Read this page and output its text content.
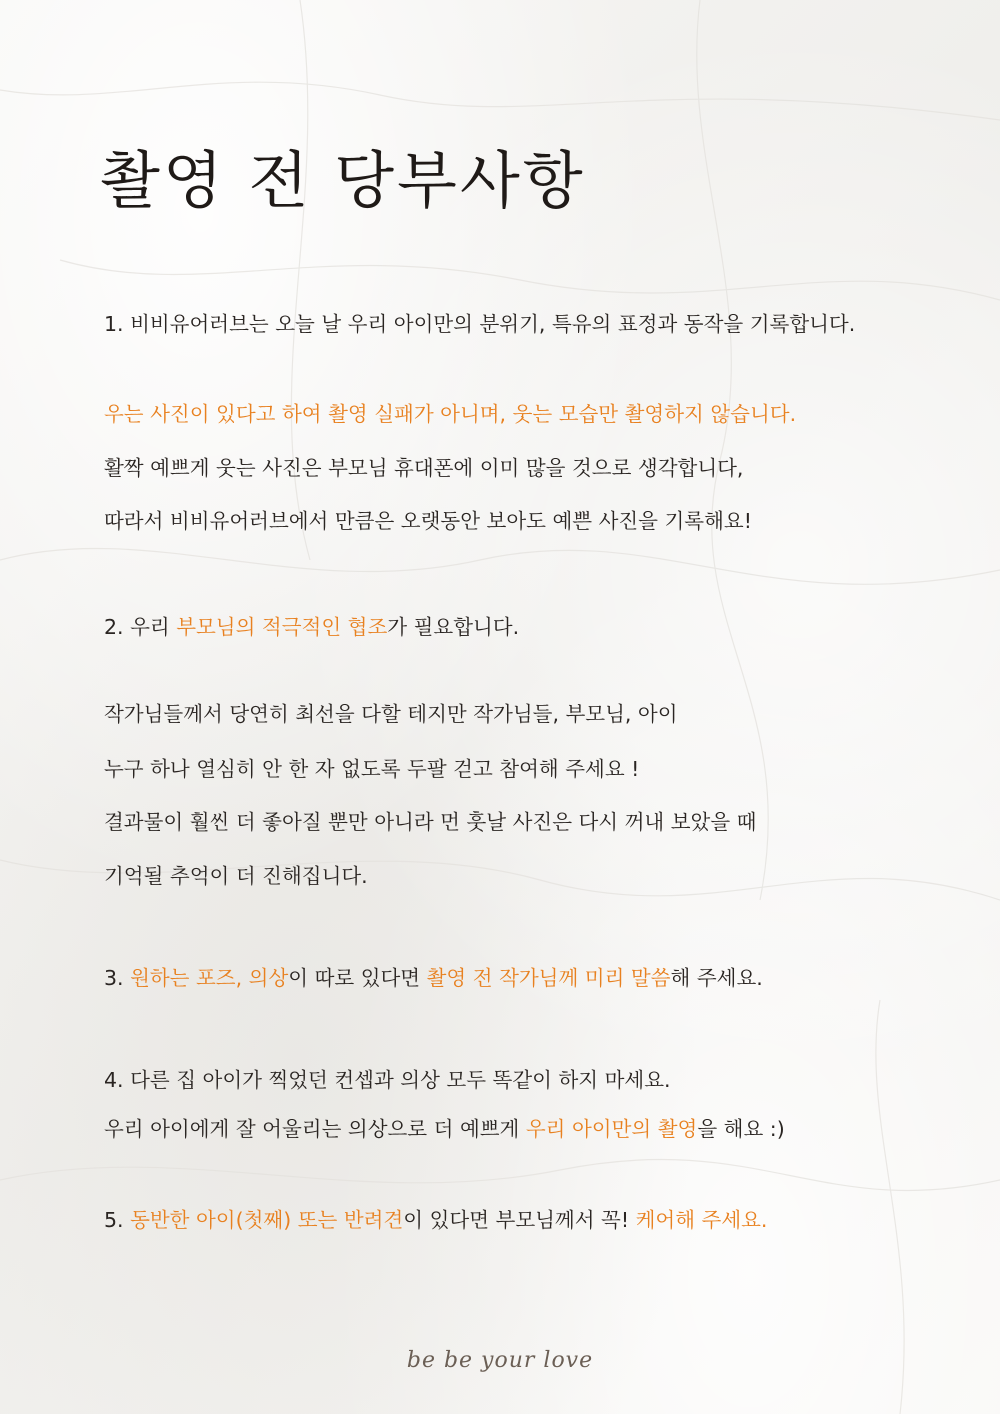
촬영 전 당부사항

1. 비비유어러브는 오늘 날 우리 아이만의 분위기, 특유의 표정과 동작을 기록합니다.

우는 사진이 있다고 하여 촬영 실패가 아니며, 웃는 모습만 촬영하지 않습니다.

활짝 예쁘게 웃는 사진은 부모님 휴대폰에 이미 많을 것으로 생각합니다,

따라서 비비유어러브에서 만큼은 오랫동안 보아도 예쁜 사진을 기록해요!

2. 우리 부모님의 적극적인 협조가 필요합니다.

작가님들께서 당연히 최선을 다할 테지만 작가님들, 부모님, 아이

누구 하나 열심히 안 한 자 없도록 두팔 걷고 참여해 주세요 !

결과물이 훨씬 더 좋아질 뿐만 아니라 먼 훗날 사진은 다시 꺼내 보았을 때

기억될 추억이 더 진해집니다.

3. 원하는 포즈, 의상이 따로 있다면 촬영 전 작가님께 미리 말씀해 주세요.

4. 다른 집 아이가 찍었던 컨셉과 의상 모두 똑같이 하지 마세요.

우리 아이에게 잘 어울리는 의상으로 더 예쁘게 우리 아이만의 촬영을 해요 :)

5. 동반한 아이(첫째) 또는 반려견이 있다면 부모님께서 꼭! 케어해 주세요.

be be your love
